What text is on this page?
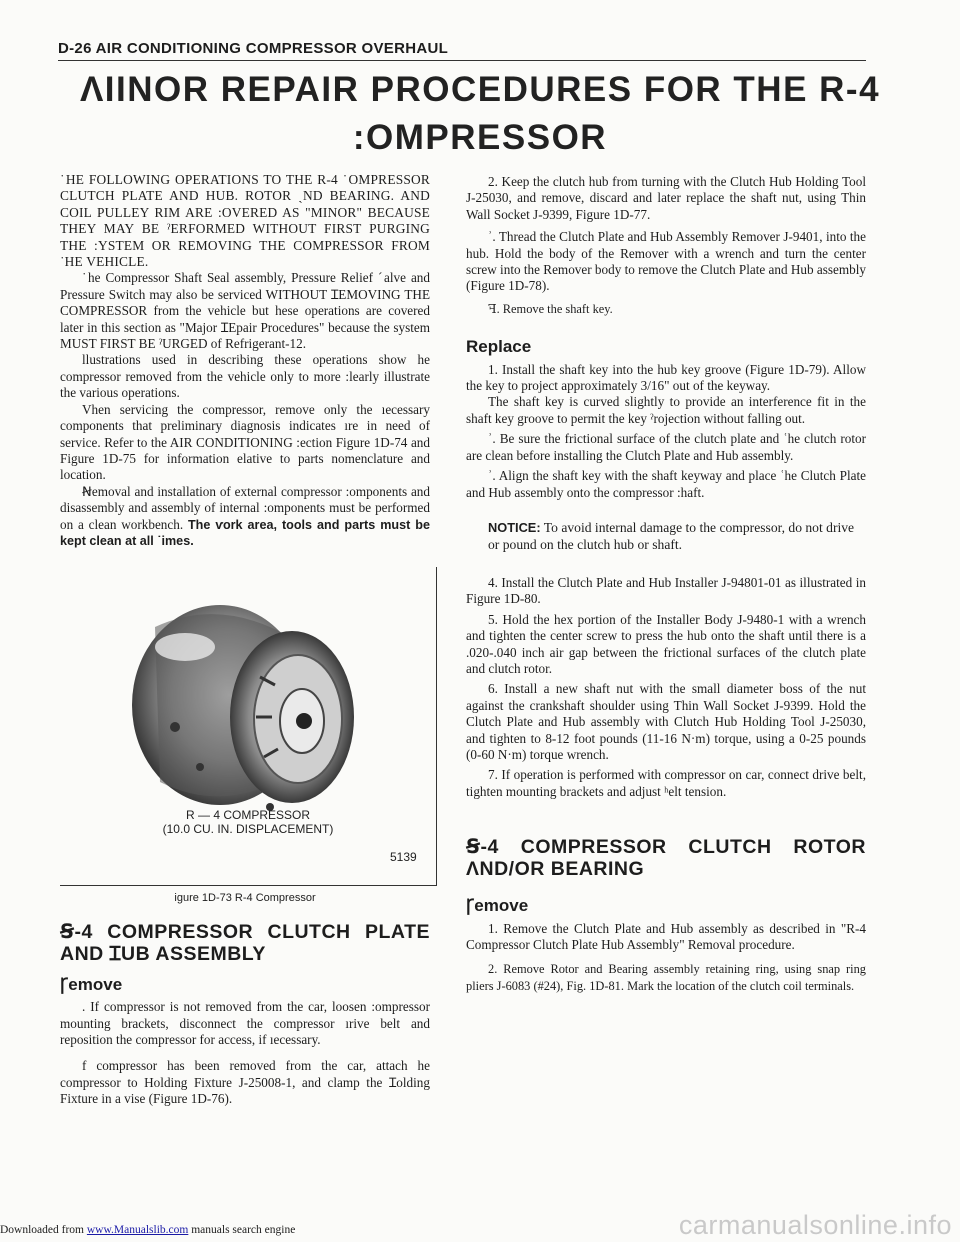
D-26 AIR CONDITIONING COMPRESSOR OVERHAUL
ɅIINOR REPAIR PROCEDURES FOR THE R-4
:OMPRESSOR

˙HE FOLLOWING OPERATIONS TO THE R-4 ˙OMPRESSOR CLUTCH PLATE AND HUB. ROTOR ˎND BEARING. AND COIL PULLEY RIM ARE :OVERED AS "MINOR" BECAUSE THEY MAY BE ˀERFORMED WITHOUT FIRST PURGING THE :YSTEM OR REMOVING THE COMPRESSOR FROM ˙HE VEHICLE.

˙he Compressor Shaft Seal assembly, Pressure Relief ˊalve and Pressure Switch may also be serviced WITHOUT ꞮEMOVING THE COMPRESSOR from the vehicle but hese operations are covered later in this section as "Major ꞮEpair Procedures" because the system MUST FIRST BE ˀURGED of Refrigerant-12.

llustrations used in describing these operations show he compressor removed from the vehicle only to more :learly illustrate the various operations.

Vhen servicing the compressor, remove only the ıecessary components that preliminary diagnosis indicates ıre in need of service. Refer to the AIR CONDITIONING :ection Figure 1D-74 and Figure 1D-75 for information elative to parts nomenclature and location.

Ꞥemoval and installation of external compressor :omponents and disassembly and assembly of internal :omponents must be performed on a clean workbench. The ⱱork area, tools and parts must be kept clean at all ˙imes.

R — 4 COMPRESSOR
(10.0 CU. IN. DISPLACEMENT)
5139
igure 1D-73 R-4 Compressor
Ꞩ-4 COMPRESSOR CLUTCH PLATE AND ꞮUB ASSEMBLY
Ꞅemove

. If compressor is not removed from the car, loosen :ompressor mounting brackets, disconnect the compressor ırive belt and reposition the compressor for access, if ıecessary.

f compressor has been removed from the car, attach he compressor to Holding Fixture J-25008-1, and clamp the Ɪolding Fixture in a vise (Figure 1D-76).

2. Keep the clutch hub from turning with the Clutch Hub Holding Tool J-25030, and remove, discard and later replace the shaft nut, using Thin Wall Socket J-9399, Figure 1D-77.

ʾ. Thread the Clutch Plate and Hub Assembly Remover J-9401, into the hub. Hold the body of the Remover with a wrench and turn the center screw into the Remover body to remove the Clutch Plate and Hub assembly (Figure 1D-78).

ꟻ. Remove the shaft key.

Replace

1. Install the shaft key into the hub key groove (Figure 1D-79). Allow the key to project approximately 3/16" out of the keyway.

The shaft key is curved slightly to provide an interference fit in the shaft key groove to permit the key ˀrojection without falling out.

ʾ. Be sure the frictional surface of the clutch plate and ʿhe clutch rotor are clean before installing the Clutch Plate and Hub assembly.

ʾ. Align the shaft key with the shaft keyway and place ʿhe Clutch Plate and Hub assembly onto the compressor :haft.

NOTICE: To avoid internal damage to the compressor, do not drive or pound on the clutch hub or shaft.

4. Install the Clutch Plate and Hub Installer J-94801-01 as illustrated in Figure 1D-80.

5. Hold the hex portion of the Installer Body J-9480-1 with a wrench and tighten the center screw to press the hub onto the shaft until there is a .020-.040 inch air gap between the frictional surfaces of the clutch plate and clutch rotor.

6. Install a new shaft nut with the small diameter boss of the nut against the crankshaft shoulder using Thin Wall Socket J-9399. Hold the Clutch Plate and Hub assembly with Clutch Hub Holding Tool J-25030, and tighten to 8-12 foot pounds (11-16 N·m) torque, using a 0-25 pounds (0-60 N·m) torque wrench.

7. If operation is performed with compressor on car, connect drive belt, tighten mounting brackets and adjust ʰelt tension.

Ꞩ-4 COMPRESSOR CLUTCH ROTOR ɅND/OR BEARING
Ꞅemove

1. Remove the Clutch Plate and Hub assembly as described in "R-4 Compressor Clutch Plate Hub Assembly" Removal procedure.

2. Remove Rotor and Bearing assembly retaining ring, using snap ring pliers J-6083 (#24), Fig. 1D-81. Mark the location of the clutch coil terminals.

Downloaded from www.Manualslib.com manuals search engine	carmanualsonline.info
